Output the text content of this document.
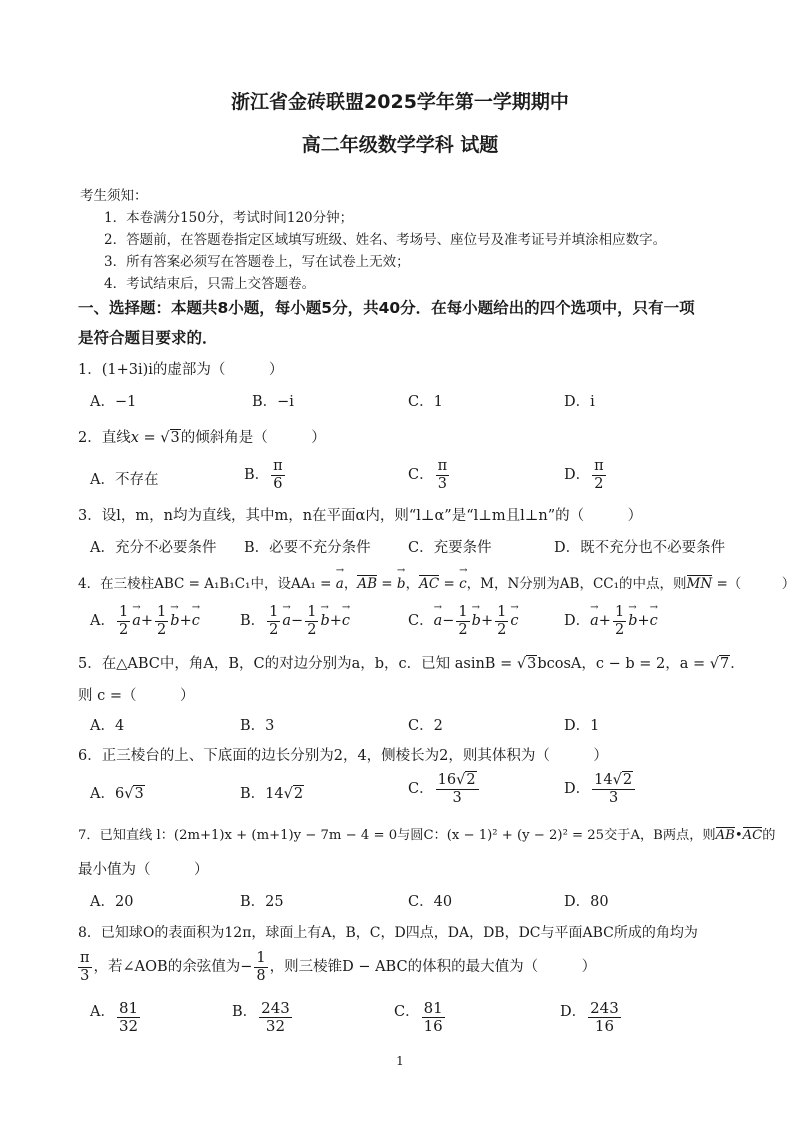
浙江省金砖联盟2025学年第一学期期中
高二年级数学学科 试题
考生须知：
1．本卷满分150分，考试时间120分钟；
2．答题前，在答题卷指定区域填写班级、姓名、考场号、座位号及准考证号并填涂相应数字。
3．所有答案必须写在答题卷上，写在试卷上无效；
4．考试结束后，只需上交答题卷。
一、选择题：本题共8小题，每小题5分，共40分．在每小题给出的四个选项中，只有一项
是符合题目要求的．
1．(1+3i)i的虚部为（　　　）
A．−1	B．−i	C．1	D．i
2．直线x = √3的倾斜角是（　　　）
A．不存在	B． $\frac{\pi}{6}$	C． $\frac{\pi}{3}$	D． $\frac{\pi}{2}$
3．设l，m，n均为直线，其中m，n在平面α内，则“l⊥α”是“l⊥m且l⊥n”的（　　　）
A．充分不必要条件 B．必要不充分条件	C．充要条件	D．既不充分也不必要条件
4．在三棱柱ABC = A₁B₁C₁中，设AA₁ = → a，AB = → b，AC = → c，M，N分别为AB，CC₁的中点，则MN =（　　　）
A． $\frac{1}{2}$
→ $a+ \frac{1}{2}$
→ b+→ c	B． $\frac{1}{2}$
→ $a- \frac{1}{2}$
→ b+→ c	C．→ $a- \frac{1}{2}$
→ $b+ \frac{1}{2}$
→ c	D．→ $a+ \frac{1}{2}$
→ b+→ c
5．在△ABC中，角A，B，C的对边分别为a，b，c．已知 asinB = √3bcosA，c − b = 2，a = √7．
则 c =（　　　）
A．4	B．3	C．2	D．1
6．正三棱台的上、下底面的边长分别为2，4，侧棱长为2，则其体积为（　　　）
A．6√3	B．14√2	C． $\frac{16√2}{3}$	D． $\frac{14√2}{3}$
7．已知直线 l：(2m+1)x + (m+1)y − 7m − 4 = 0与圆C：(x − 1)² + (y − 2)² = 25交于A，B两点，则AB•AC的
最小值为（　　　）
A．20	B．25	C．40	D．80
8．已知球O的表面积为12π，球面上有A，B，C，D四点，DA，DB，DC与平面ABC所成的角均为
$\frac{\pi}{3}$ ，若∠AOB的余弦值为− $\frac{1}{8}$ ，则三棱锥D − ABC的体积的最大值为（　　　）
A． $\frac{81}{32}$	B． $\frac{243}{32}$	C． $\frac{81}{16}$	D． $\frac{243}{16}$
1
